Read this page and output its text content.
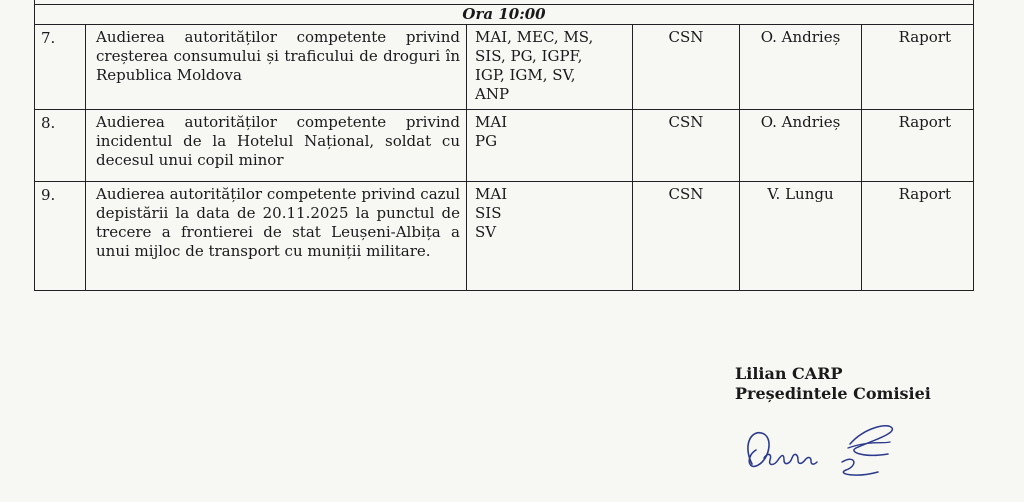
Ora 10:00					
7.	Audierea autorităților competente privind creșterea consumului și traficului de droguri în Republica Moldova	MAI, MEC, MS,
SIS, PG, IGPF,
IGP, IGM, SV,
ANP	CSN	O. Andrieș	Raport
8.	Audierea autorităților competente privind incidentul de la Hotelul Național, soldat cu decesul unui copil minor	MAI
PG	CSN	O. Andrieș	Raport
9.	Audierea autorităților competente privind cazul depistării la data de 20.11.2025 la punctul de trecere a frontierei de stat Leușeni-Albița a unui mijloc de transport cu muniții militare.	MAI
SIS
SV	CSN	V. Lungu	Raport
Lilian CARP
Președintele Comisiei
